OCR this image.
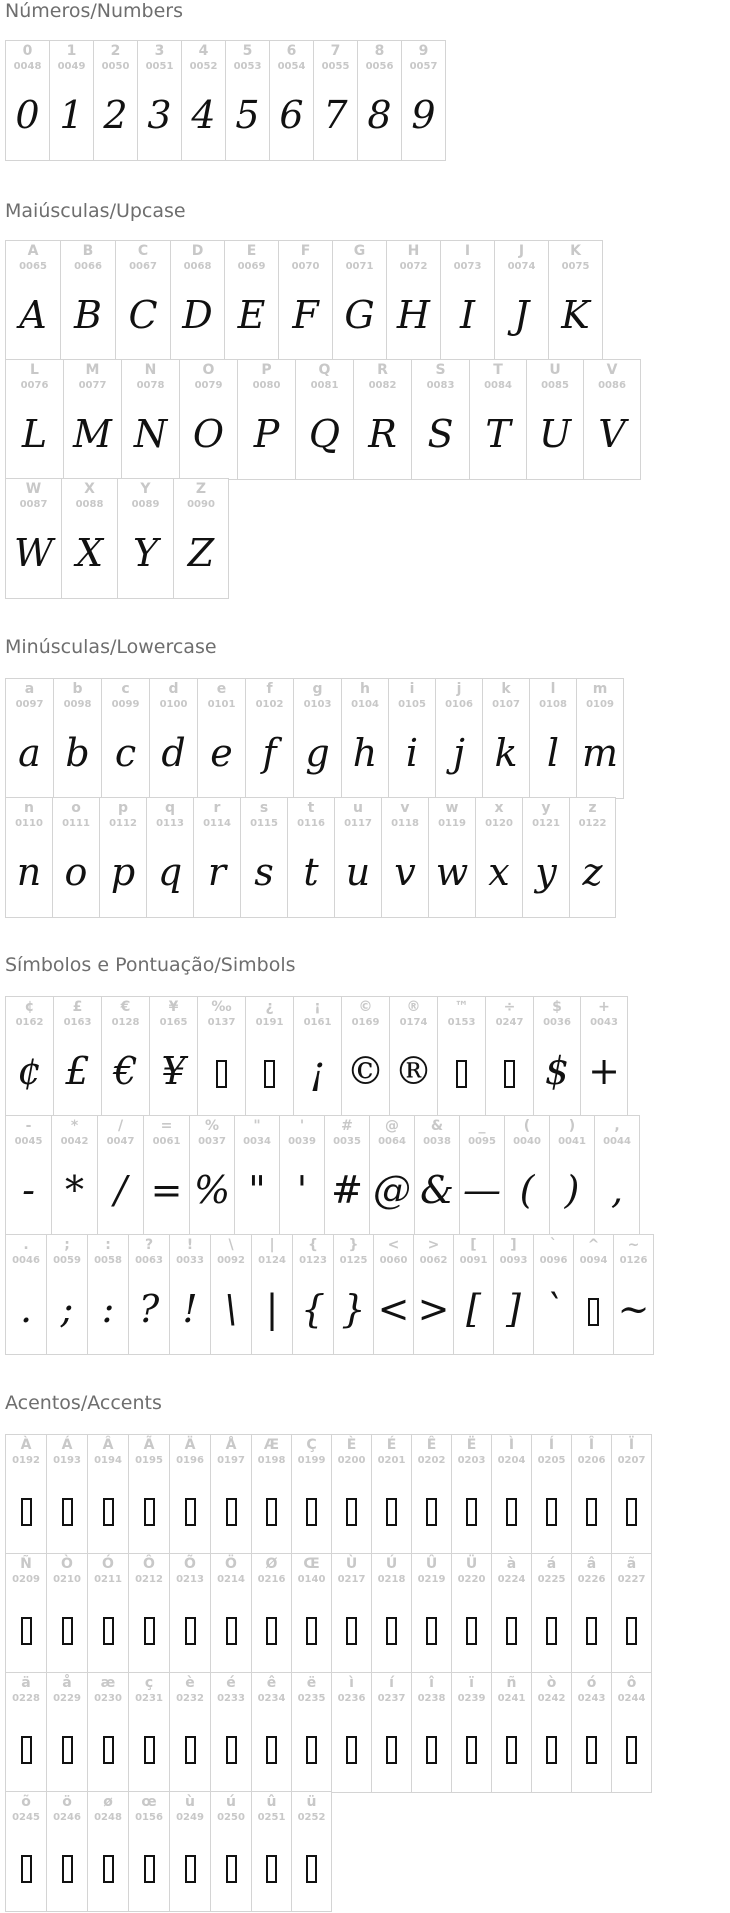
Números/Numbers
0
0048
0
1
0049
1
2
0050
2
3
0051
3
4
0052
4
5
0053
5
6
0054
6
7
0055
7
8
0056
8
9
0057
9
Maiúsculas/Upcase
A
0065
A
B
0066
B
C
0067
C
D
0068
D
E
0069
E
F
0070
F
G
0071
G
H
0072
H
I
0073
I
J
0074
J
K
0075
K
L
0076
L
M
0077
M
N
0078
N
O
0079
O
P
0080
P
Q
0081
Q
R
0082
R
S
0083
S
T
0084
T
U
0085
U
V
0086
V
W
0087
W
X
0088
X
Y
0089
Y
Z
0090
Z
Minúsculas/Lowercase
a
0097
a
b
0098
b
c
0099
c
d
0100
d
e
0101
e
f
0102
f
g
0103
g
h
0104
h
i
0105
i
j
0106
j
k
0107
k
l
0108
l
m
0109
m
n
0110
n
o
0111
o
p
0112
p
q
0113
q
r
0114
r
s
0115
s
t
0116
t
u
0117
u
v
0118
v
w
0119
w
x
0120
x
y
0121
y
z
0122
z
Símbolos e Pontuação/Simbols
¢
0162
¢
£
0163
£
€
0128
€
¥
0165
¥
‰
0137
¿
0191
¡
0161
¡
©
0169
©
®
0174
®
™
0153
÷
0247
$
0036
$
+
0043
+
-
0045
-
*
0042
*
/
0047
/
=
0061
=
%
0037
%
"
0034
"
'
0039
'
#
0035
#
@
0064
@
&
0038
&
_
0095
—
(
0040
(
)
0041
)
,
0044
,
.
0046
.
;
0059
;
:
0058
:
?
0063
?
!
0033
!
\
0092
\
|
0124
|
{
0123
{
}
0125
}
<
0060
<
>
0062
>
[
0091
[
]
0093
]
`
0096
`
^
0094
~
0126
~
Acentos/Accents
À
0192
Á
0193
Â
0194
Ã
0195
Ä
0196
Å
0197
Æ
0198
Ç
0199
È
0200
É
0201
Ê
0202
Ë
0203
Ì
0204
Í
0205
Î
0206
Ï
0207
Ñ
0209
Ò
0210
Ó
0211
Ô
0212
Õ
0213
Ö
0214
Ø
0216
Œ
0140
Ù
0217
Ú
0218
Û
0219
Ü
0220
à
0224
á
0225
â
0226
ã
0227
ä
0228
å
0229
æ
0230
ç
0231
è
0232
é
0233
ê
0234
ë
0235
ì
0236
í
0237
î
0238
ï
0239
ñ
0241
ò
0242
ó
0243
ô
0244
õ
0245
ö
0246
ø
0248
œ
0156
ù
0249
ú
0250
û
0251
ü
0252
